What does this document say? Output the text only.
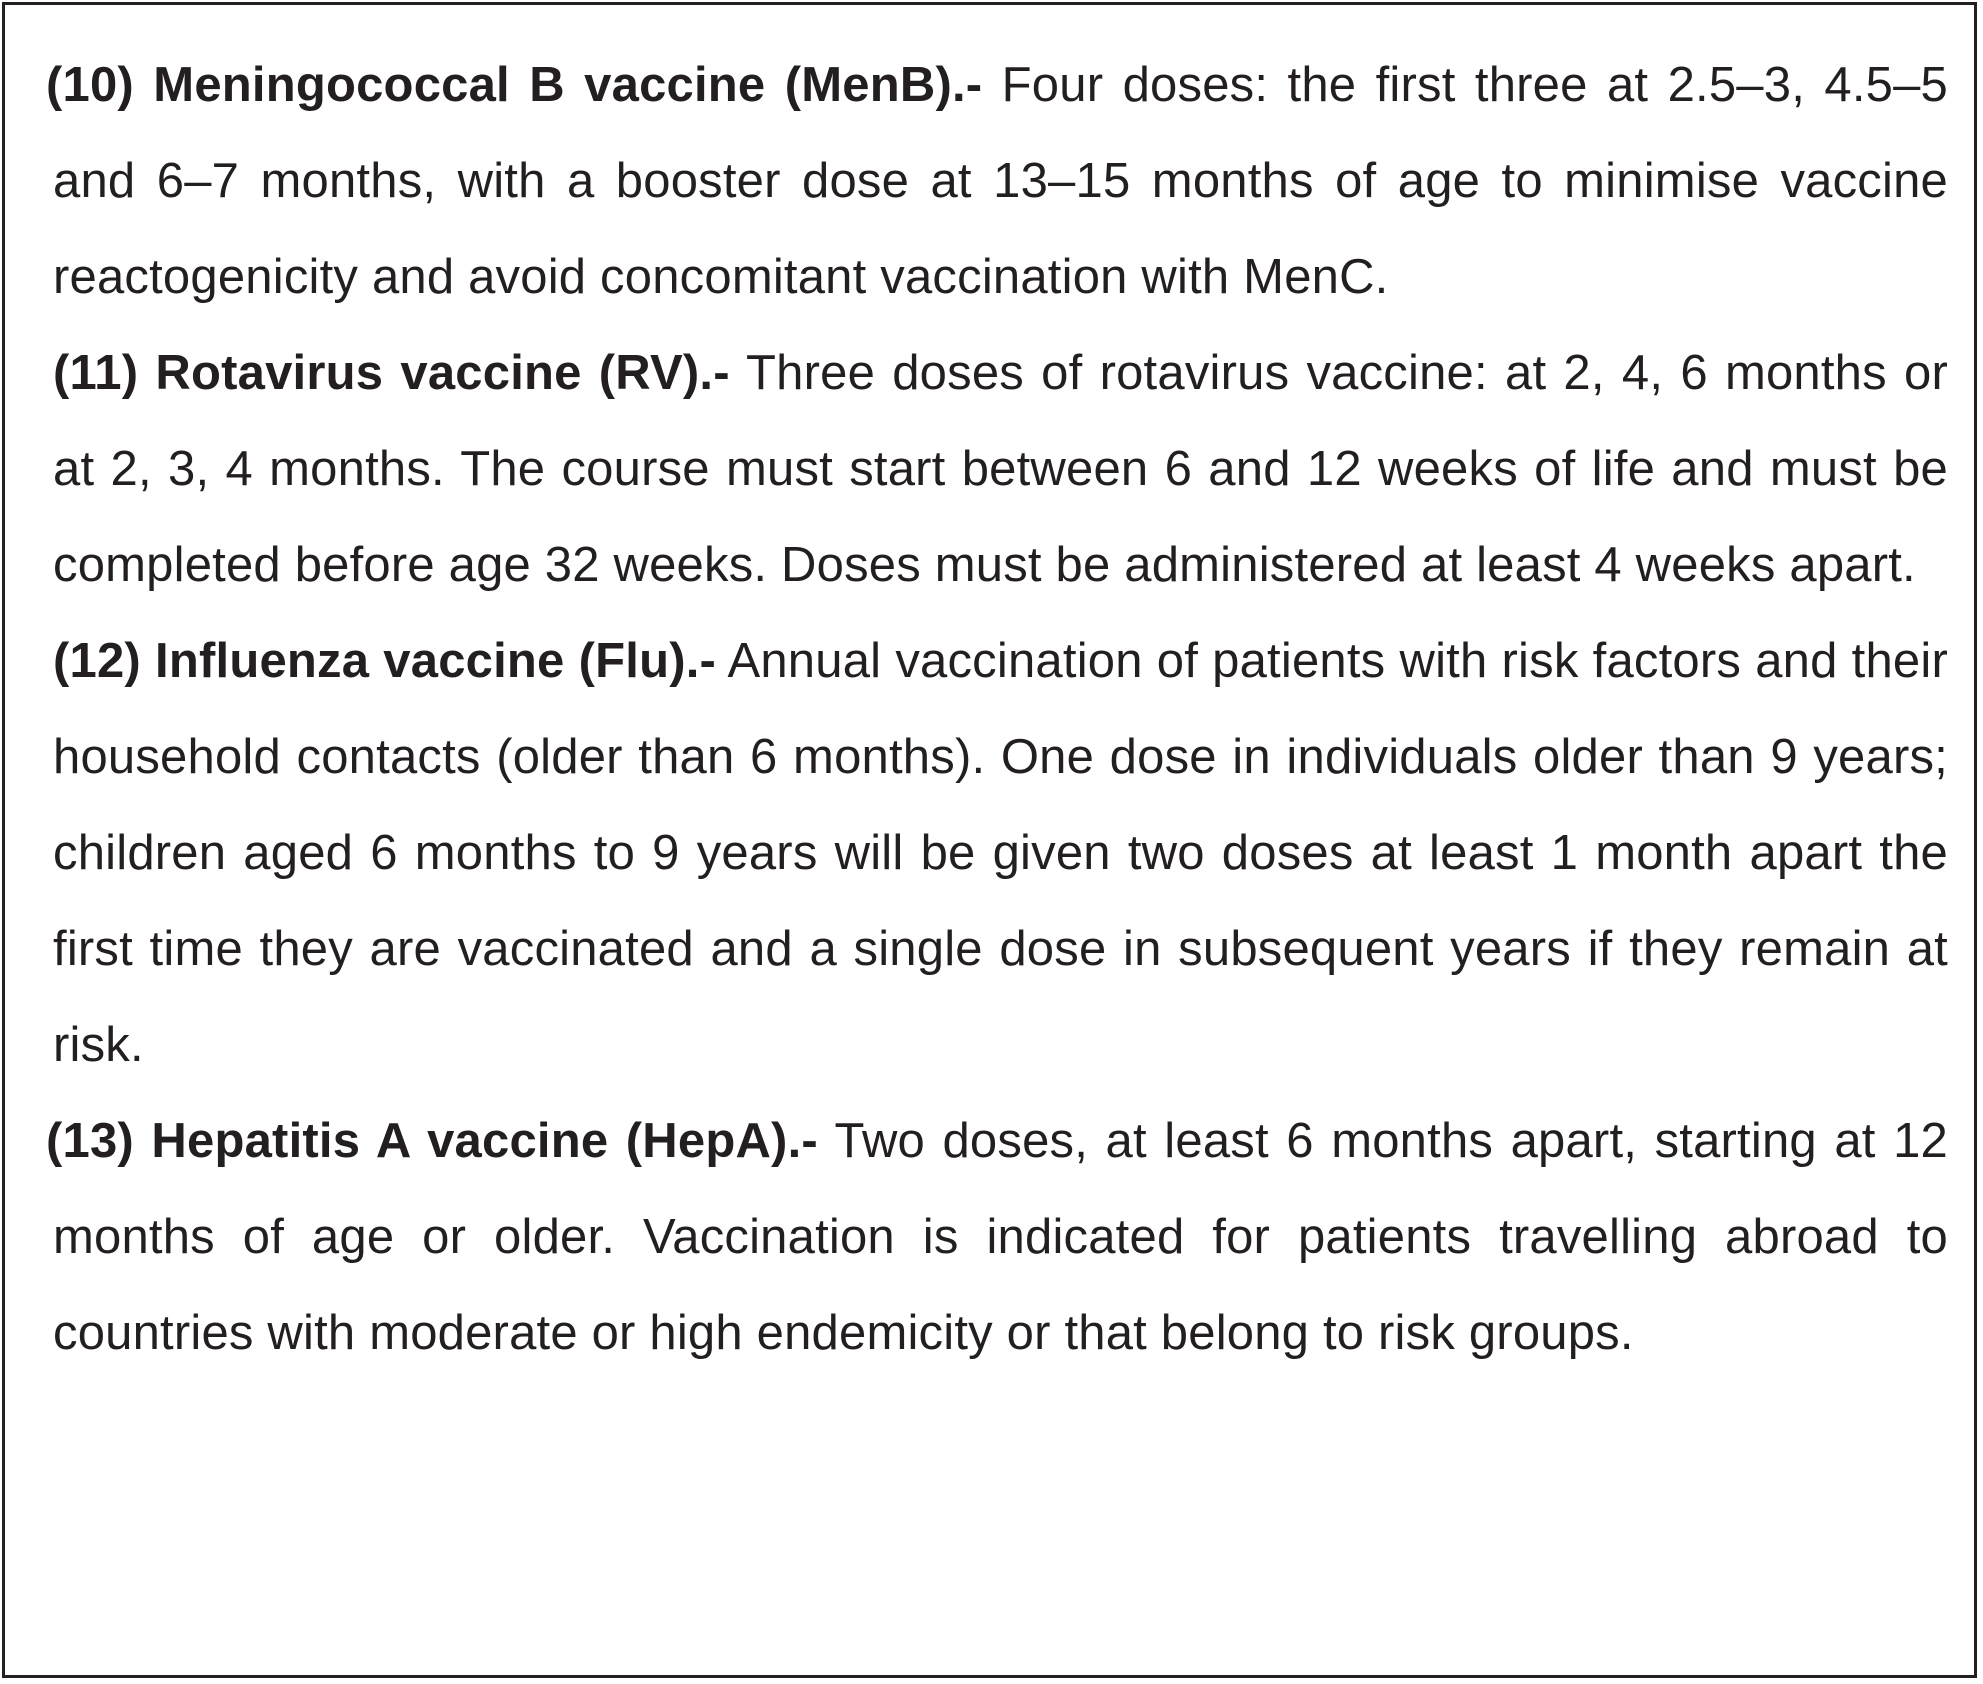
(10) Meningococcal B vaccine (MenB).- Four doses: the first three at 2.5–3, 4.5–5 and 6–7 months, with a booster dose at 13–15 months of age to minimise vaccine reactogenicity and avoid concomitant vaccination with MenC.

(11) Rotavirus vaccine (RV).- Three doses of rotavirus vaccine: at 2, 4, 6 months or at 2, 3, 4 months. The course must start between 6 and 12 weeks of life and must be completed before age 32 weeks. Doses must be administered at least 4 weeks apart.

(12) Influenza vaccine (Flu).- Annual vaccination of patients with risk factors and their household contacts (older than 6 months). One dose in individuals older than 9 years; children aged 6 months to 9 years will be given two doses at least 1 month apart the first time they are vaccinated and a single dose in subsequent years if they remain at risk.

(13) Hepatitis A vaccine (HepA).- Two doses, at least 6 months apart, starting at 12 months of age or older. Vaccination is indicated for patients travelling abroad to countries with moderate or high endemicity or that belong to risk groups.
